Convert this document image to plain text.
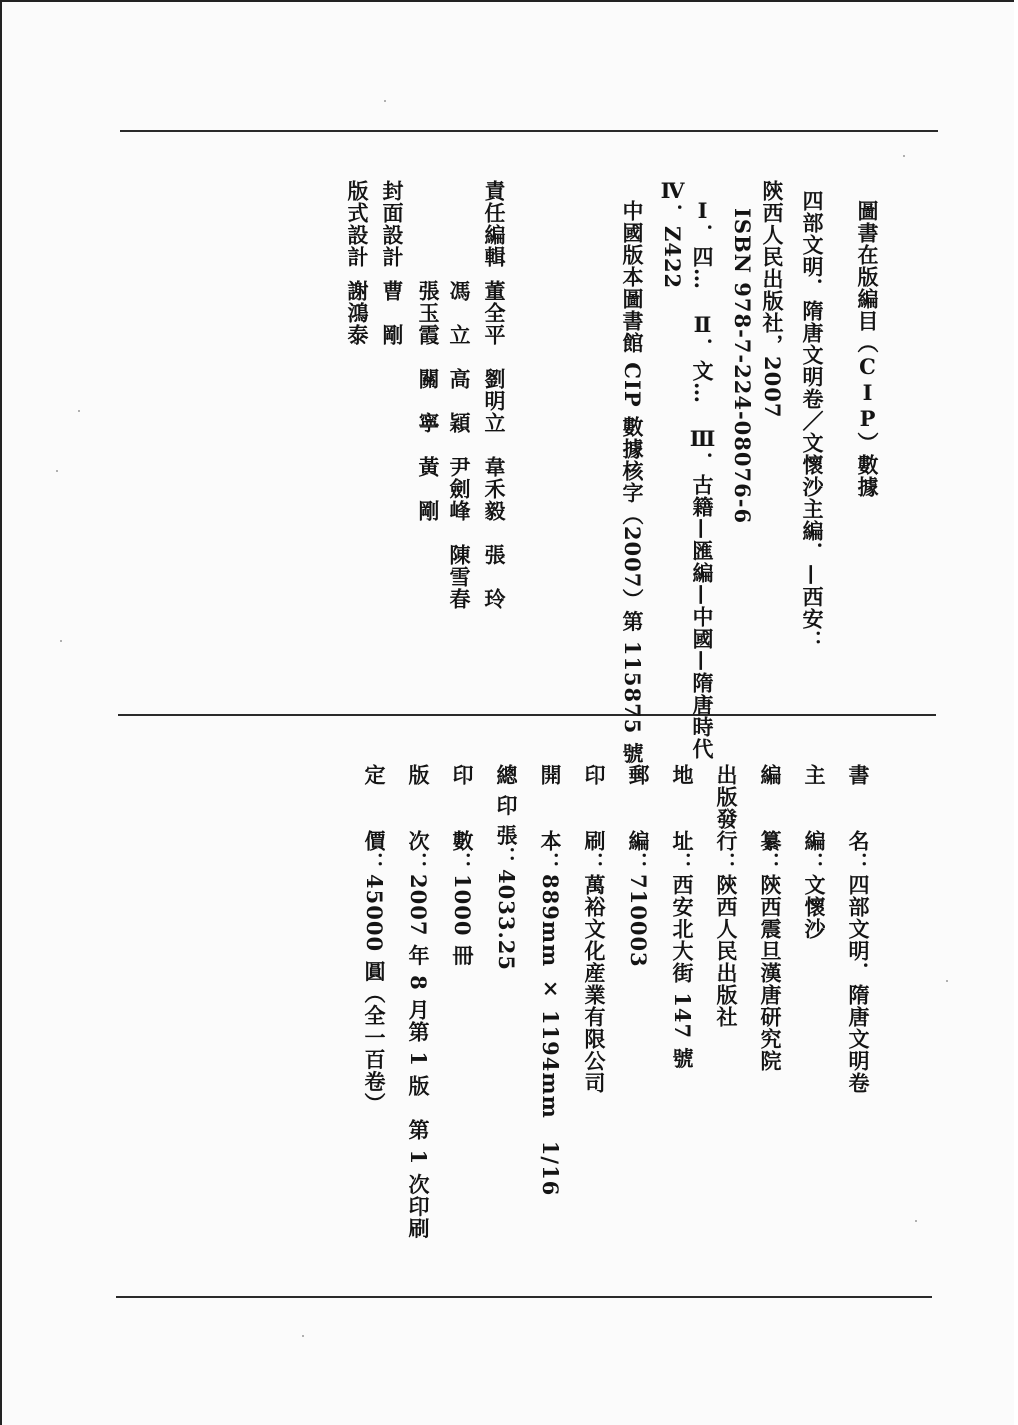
圖書在版編目（CIP）數據
四部文明．隋唐文明卷／文懷沙主編．—西安：
陝西人民出版社，2007
ISBN 978-7-224-08076-6
Ⅰ．四…　Ⅱ．文…　Ⅲ．古籍—匯編—中國—隋唐時代
Ⅳ．Z422
中國版本圖書館 CIP 數據核字（2007）第 115875 號
責任編輯
董全平　劉明立　韋禾毅　張　玲
馮　立　高　穎　尹劍峰　陳雪春
封面設計
曹　剛 張玉霞　關　寧　黃　剛
版式設計
謝鴻泰
書　　名：四部文明．隋唐文明卷
主　　編：文懷沙
編　　纂：陝西震旦漢唐研究院
出版發行：陝西人民出版社
地　　址：西安北大街 147 號
郵　　編：710003
印　　刷：萬裕文化産業有限公司
開　　本：889mm × 1194mm　1/16
總 印 張：4033.25
印　　數：1000 冊
版　　次：2007 年 8 月第 1 版　第 1 次印刷
定　　價：45000 圓（全一百卷）
